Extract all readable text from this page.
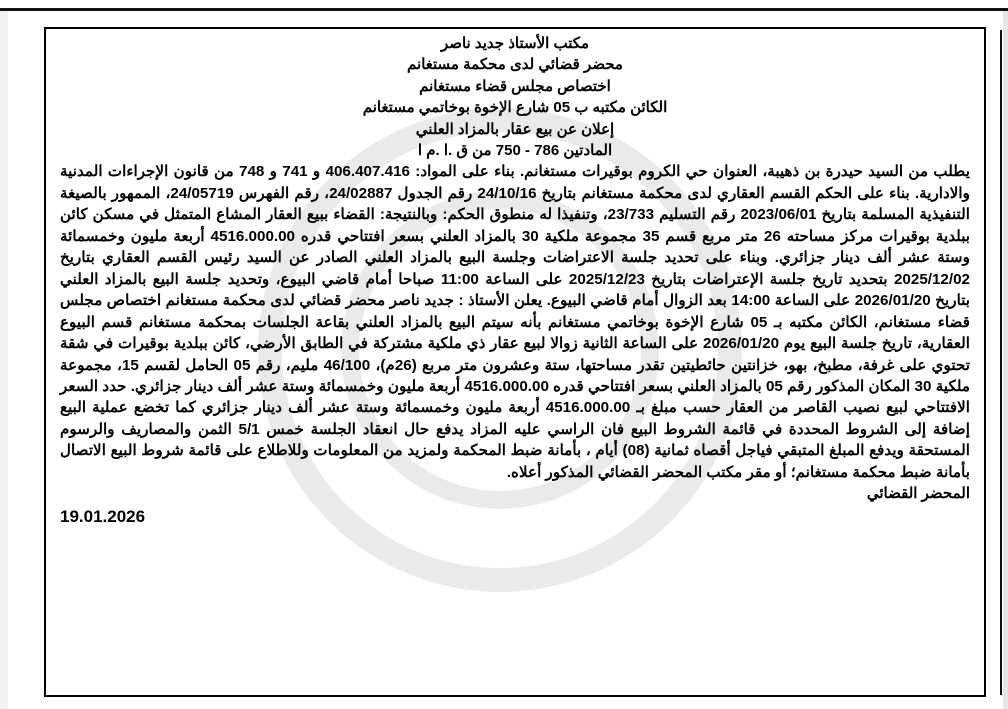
مكتب الأستاذ جديد ناصر
محضر قضائي لدى محكمة مستغانم
اختصاص مجلس قضاء مستغانم
الكائن مكتبه ب 05 شارع الإخوة بوخاتمي مستغانم
إعلان عن بيع عقار بالمزاد العلني
المادتين 786 - 750 من ق .ا .م ا
يطلب من السيد حيدرة بن ذهيبة، العنوان حي الكروم بوقيرات مستغانم. بناء على المواد: 406.407.416 و 741 و 748 من قانون الإجراءات المدنية والادارية. بناء على الحكم القسم العقاري لدى محكمة مستغانم بتاريخ 24/10/16 رقم الجدول 24/02887، رقم الفهرس 24/05719، الممهور بالصيغة التنفيذية المسلمة بتاريخ 2023/06/01 رقم التسليم 23/733، وتنفيذا له منطوق الحكم: وبالنتيجة: القضاء ببيع العقار المشاع المتمثل في مسكن كائن ببلدية بوقيرات مركز مساحته 26 متر مربع قسم 35 مجموعة ملكية 30 بالمزاد العلني بسعر افتتاحي قدره 4516.000.00 أربعة مليون وخمسمائة وستة عشر ألف دينار جزائري. وبناء على تحديد جلسة الاعتراضات وجلسة البيع بالمزاد العلني الصادر عن السيد رئيس القسم العقاري بتاريخ 2025/12/02 بتحديد تاريخ جلسة الإعتراضات بتاريخ 2025/12/23 على الساعة 11:00 صباحا أمام قاضي البيوع، وتحديد جلسة البيع بالمزاد العلني بتاريخ 2026/01/20 على الساعة 14:00 بعد الزوال أمام قاضي البيوع. يعلن الأستاذ : جديد ناصر محضر قضائي لدى محكمة مستغانم اختصاص مجلس قضاء مستغانم، الكائن مكتبه بـ 05 شارع الإخوة بوخاتمي مستغانم بأنه سيتم البيع بالمزاد العلني بقاعة الجلسات بمحكمة مستغانم قسم البيوع العقارية، تاريخ جلسة البيع يوم 2026/01/20 على الساعة الثانية زوالا لبيع عقار ذي ملكية مشتركة في الطابق الأرضي، كائن ببلدية بوقيرات في شقة تحتوي على غرفة، مطبخ، بهو، خزانتين حائطيتين تقدر مساحتها، ستة وعشرون متر مربع (26م)، 46/100 مليم، رقم 05 الحامل لقسم 15، مجموعة ملكية 30 المكان المذكور رقم 05 بالمزاد العلني بسعر افتتاحي قدره 4516.000.00 أربعة مليون وخمسمائة وستة عشر ألف دينار جزائري. حدد السعر الافتتاحي لبيع نصيب القاصر من العقار حسب مبلغ بـ 4516.000.00 أربعة مليون وخمسمائة وستة عشر ألف دينار جزائري كما تخضع عملية البيع إضافة إلى الشروط المحددة في قائمة الشروط البيع فان الراسي عليه المزاد يدفع حال انعقاد الجلسة خمس 5/1 الثمن والمصاريف والرسوم المستحقة ويدفع المبلغ المتبقي فياجل أقصاه ثمانية (08) أيام ، بأمانة ضبط المحكمة ولمزيد من المعلومات وللاطلاع على قائمة شروط البيع الاتصال بأمانة ضبط محكمة مستغانم؛ أو مقر مكتب المحضر القضائي المذكور أعلاه.
المحضر القضائي
19.01.2026
